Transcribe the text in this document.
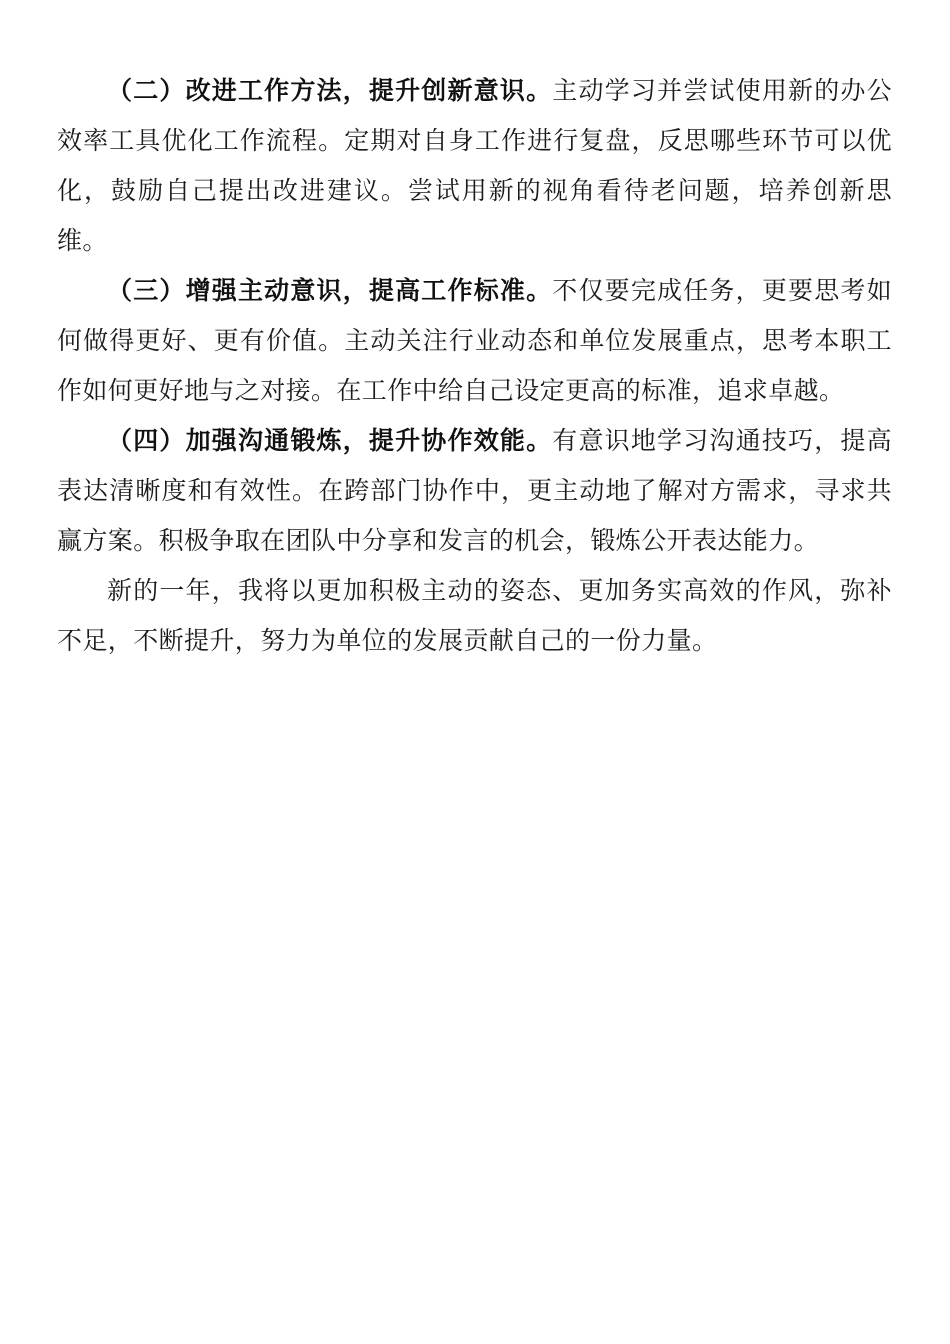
（二）改进工作方法，提升创新意识。主动学习并尝试使用新的办公效率工具优化工作流程。定期对自身工作进行复盘，反思哪些环节可以优化，鼓励自己提出改进建议。尝试用新的视角看待老问题，培养创新思维。

（三）增强主动意识，提高工作标准。不仅要完成任务，更要思考如何做得更好、更有价值。主动关注行业动态和单位发展重点，思考本职工作如何更好地与之对接。在工作中给自己设定更高的标准，追求卓越。

（四）加强沟通锻炼，提升协作效能。有意识地学习沟通技巧，提高表达清晰度和有效性。在跨部门协作中，更主动地了解对方需求，寻求共赢方案。积极争取在团队中分享和发言的机会，锻炼公开表达能力。

新的一年，我将以更加积极主动的姿态、更加务实高效的作风，弥补不足，不断提升，努力为单位的发展贡献自己的一份力量。
